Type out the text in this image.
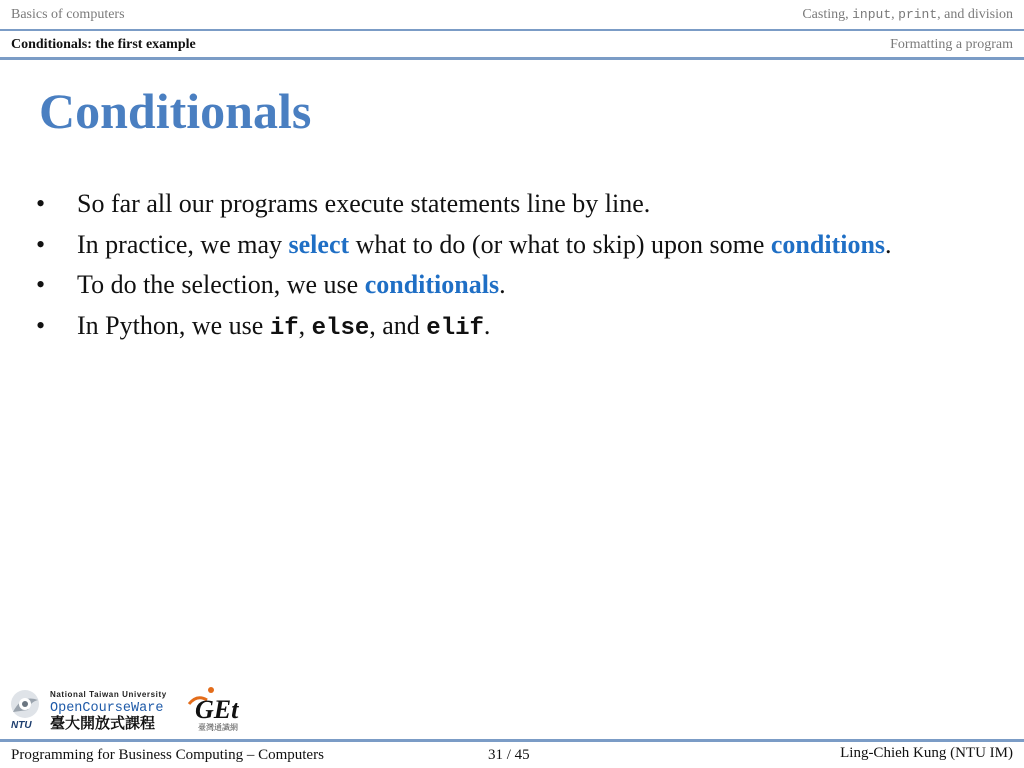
Basics of computers	Casting, input, print, and division
Conditionals: the first example	Formatting a program
Conditionals
• So far all our programs execute statements line by line.
• In practice, we may select what to do (or what to skip) upon some conditions.
• To do the selection, we use conditionals.
• In Python, we use if, else, and elif.
NTU
National Taiwan University
OpenCourseWare
臺大開放式課程 GEt
臺灣通識網
Programming for Business Computing – Computers	31 / 45	Ling-Chieh Kung (NTU IM)
